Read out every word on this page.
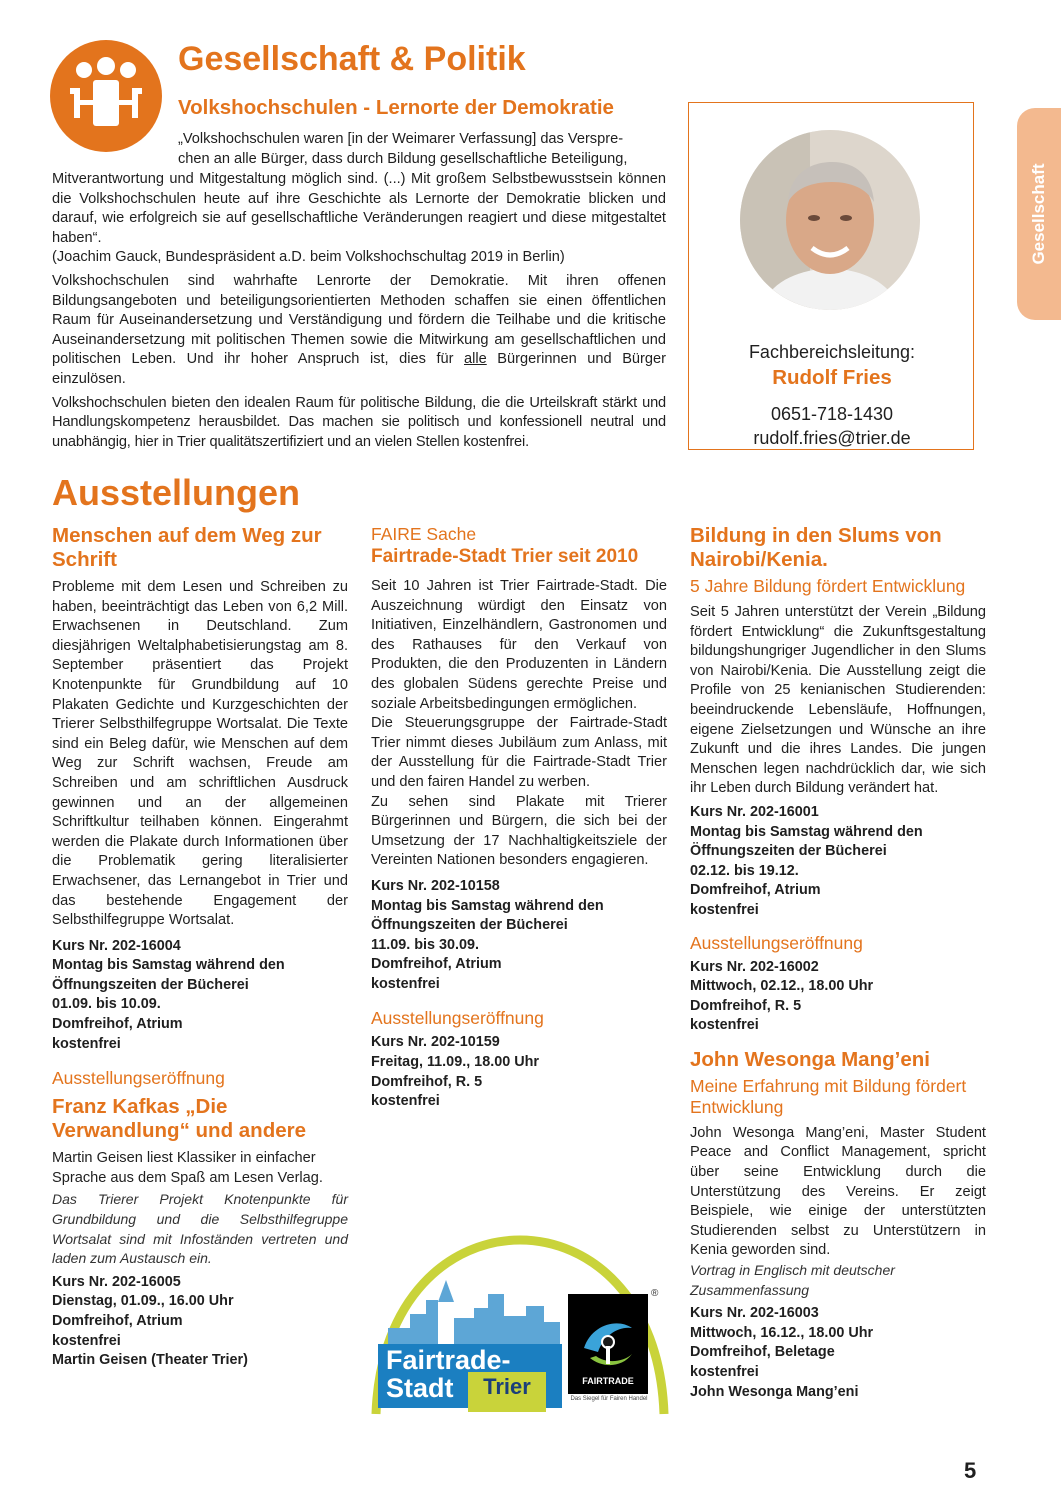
Gesellschaft & Politik
Volkshochschulen - Lernorte der Demokratie
Gesellschaft

„Volkshochschulen waren [in der Weimarer Verfassung] das Verspre-

chen an alle Bürger, dass durch Bildung gesellschaftliche Beteiligung,

Mitverantwortung und Mitgestaltung möglich sind. (...) Mit großem Selbstbewusstsein können die Volkshochschulen heute auf ihre Geschichte als Lernorte der Demokratie blicken und darauf, wie erfolgreich sie auf gesellschaftliche Veränderungen reagiert und diese mitgestaltet haben“.

(Joachim Gauck, Bundespräsident a.D. beim Volkshochschultag 2019 in Berlin)

Volkshochschulen sind wahrhafte Lenrorte der Demokratie. Mit ihren offenen Bildungsangeboten und beteiligungsorientierten Methoden schaffen sie einen öffentlichen Raum für Auseinandersetzung und Verständigung und fördern die Teilhabe und die kritische Auseinandersetzung mit politischen Themen sowie die Mitwirkung am gesellschaftlichen und politischen Leben. Und ihr hoher Anspruch ist, dies für alle Bürgerinnen und Bürger einzulösen.

Volkshochschulen bieten den idealen Raum für politische Bildung, die die Urteilskraft stärkt und Handlungskompetenz herausbildet. Das machen sie politisch und konfessionell neutral und unabhängig, hier in Trier qualitätszertifiziert und an vielen Stellen kostenfrei.

Fachbereichsleitung:
Rudolf Fries
0651-718-1430
rudolf.fries@trier.de
Ausstellungen
Menschen auf dem Weg zur Schrift

Probleme mit dem Lesen und Schreiben zu haben, beeinträchtigt das Leben von 6,2 Mill. Erwachsenen in Deutschland. Zum diesjährigen Weltalphabetisierungstag am 8. September präsentiert das Projekt Knotenpunkte für Grundbildung auf 10 Plakaten Gedichte und Kurzgeschichten der Trierer Selbsthilfegruppe Wortsalat. Die Texte sind ein Beleg dafür, wie Menschen auf dem Weg zur Schrift wachsen, Freude am Schreiben und am schriftlichen Ausdruck gewinnen und an der allgemeinen Schriftkultur teilhaben können. Eingerahmt werden die Plakate durch Informationen über die Problematik gering literalisierter Erwachsener, das Lernangebot in Trier und das bestehende Engagement der Selbsthilfegruppe Wortsalat.

Kurs Nr. 202-16004
Montag bis Samstag während den
Öffnungszeiten der Bücherei
01.09. bis 10.09.
Domfreihof, Atrium
kostenfrei
Ausstellungseröffnung
Franz Kafkas „Die Verwandlung“ und andere

Martin Geisen liest Klassiker in einfacher Sprache aus dem Spaß am Lesen Verlag.

Das Trierer Projekt Knotenpunkte für Grundbildung und die Selbsthilfegruppe Wortsalat sind mit Infoständen vertreten und laden zum Austausch ein.

Kurs Nr. 202-16005
Dienstag, 01.09., 16.00 Uhr
Domfreihof, Atrium
kostenfrei
Martin Geisen (Theater Trier)
FAIRE Sache
Fairtrade-Stadt Trier seit 2010

Seit 10 Jahren ist Trier Fairtrade-Stadt. Die Auszeichnung würdigt den Einsatz von Initiativen, Einzelhändlern, Gastronomen und des Rathauses für den Verkauf von Produkten, die den Produzenten in Ländern des globalen Südens gerechte Preise und soziale Arbeitsbedingungen ermöglichen.

Die Steuerungsgruppe der Fairtrade-Stadt Trier nimmt dieses Jubiläum zum Anlass, mit der Ausstellung für die Fairtrade-Stadt Trier und den fairen Handel zu werben.

Zu sehen sind Plakate mit Trierer Bürgerinnen und Bürgern, die sich bei der Umsetzung der 17 Nachhaltigkeitsziele der Vereinten Nationen besonders engagieren.

Kurs Nr. 202-10158
Montag bis Samstag während den
Öffnungszeiten der Bücherei
11.09. bis 30.09.
Domfreihof, Atrium
kostenfrei
Ausstellungseröffnung
Kurs Nr. 202-10159
Freitag, 11.09., 18.00 Uhr
Domfreihof, R. 5
kostenfrei
Fairtrade-
Stadt	Trier	FAIRTRADE
®
Das Siegel für Fairen Handel
Bildung in den Slums von Nairobi/Kenia.
5 Jahre Bildung fördert Entwicklung

Seit 5 Jahren unterstützt der Verein „Bildung fördert Entwicklung“ die Zukunftsgestaltung bildungshungriger Jugendlicher in den Slums von Nairobi/Kenia. Die Ausstellung zeigt die Profile von 25 kenianischen Studierenden: beeindruckende Lebensläufe, Hoffnungen, eigene Zielsetzungen und Wünsche an ihre Zukunft und die ihres Landes. Die jungen Menschen legen nachdrücklich dar, wie sich ihr Leben durch Bildung verändert hat.

Kurs Nr. 202-16001
Montag bis Samstag während den
Öffnungszeiten der Bücherei
02.12. bis 19.12.
Domfreihof, Atrium
kostenfrei
Ausstellungseröffnung
Kurs Nr. 202-16002
Mittwoch, 02.12., 18.00 Uhr
Domfreihof, R. 5
kostenfrei
John Wesonga Mang’eni
Meine Erfahrung mit Bildung fördert Entwicklung

John Wesonga Mang’eni, Master Student Peace and Conflict Management, spricht über seine Entwicklung durch die Unterstützung des Vereins. Er zeigt Beispiele, wie einige der unterstützten Studierenden selbst zu Unterstützern in Kenia geworden sind.

Vortrag in Englisch mit deutscher Zusammenfassung

Kurs Nr. 202-16003
Mittwoch, 16.12., 18.00 Uhr
Domfreihof, Beletage
kostenfrei
John Wesonga Mang’eni
5
